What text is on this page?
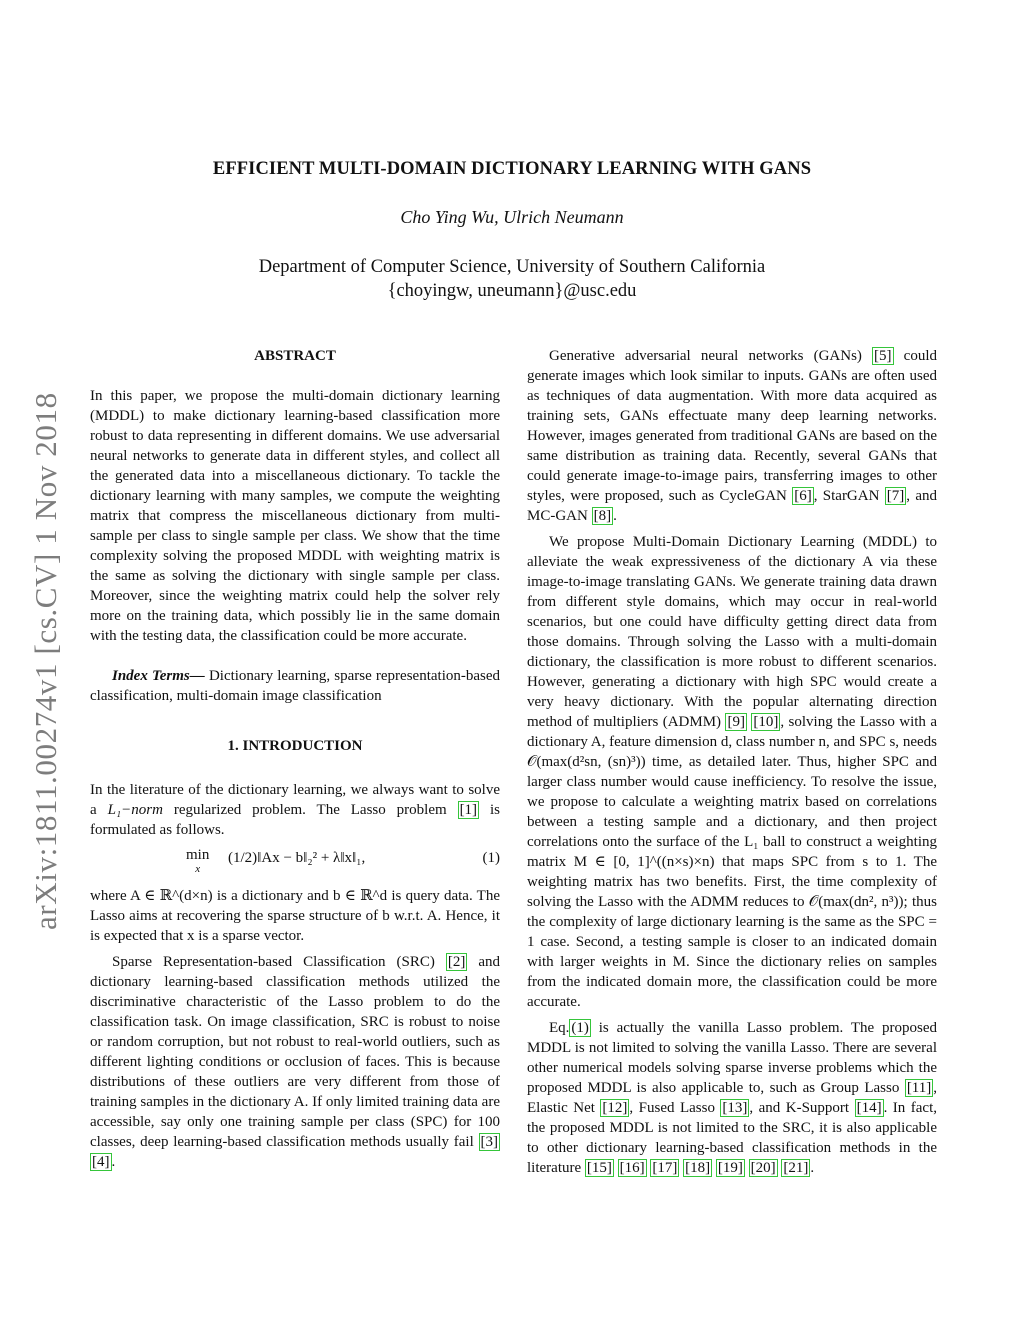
arXiv:1811.00274v1 [cs.CV] 1 Nov 2018
EFFICIENT MULTI-DOMAIN DICTIONARY LEARNING WITH GANS
Cho Ying Wu, Ulrich Neumann
Department of Computer Science, University of Southern California
{choyingw, uneumann}@usc.edu
ABSTRACT

In this paper, we propose the multi-domain dictionary learning (MDDL) to make dictionary learning-based classification more robust to data representing in different domains. We use adversarial neural networks to generate data in different styles, and collect all the generated data into a miscellaneous dictionary. To tackle the dictionary learning with many samples, we compute the weighting matrix that compress the miscellaneous dictionary from multi-sample per class to single sample per class. We show that the time complexity solving the proposed MDDL with weighting matrix is the same as solving the dictionary with single sample per class. Moreover, since the weighting matrix could help the solver rely more on the training data, which possibly lie in the same domain with the testing data, the classification could be more accurate.

Index Terms— Dictionary learning, sparse representation-based classification, multi-domain image classification

1. INTRODUCTION

In the literature of the dictionary learning, we always want to solve a L₁−norm regularized problem. The Lasso problem [1] is formulated as follows.

min
x
(1/2)‖Ax − b‖₂² + λ‖x‖₁,	(1)

where A ∈ ℝ^(d×n) is a dictionary and b ∈ ℝ^d is query data. The Lasso aims at recovering the sparse structure of b w.r.t. A. Hence, it is expected that x is a sparse vector.

Sparse Representation-based Classification (SRC) [2] and dictionary learning-based classification methods utilized the discriminative characteristic of the Lasso problem to do the classification task. On image classification, SRC is robust to noise or random corruption, but not robust to real-world outliers, such as different lighting conditions or occlusion of faces. This is because distributions of these outliers are very different from those of training samples in the dictionary A. If only limited training data are accessible, say only one training sample per class (SPC) for 100 classes, deep learning-based classification methods usually fail [3] [4] .

Generative adversarial neural networks (GANs) [5] could generate images which look similar to inputs. GANs are often used as techniques of data augmentation. With more data acquired as training sets, GANs effectuate many deep learning networks. However, images generated from traditional GANs are based on the same distribution as training data. Recently, several GANs that could generate image-to-image pairs, transferring images to other styles, were proposed, such as CycleGAN [6] , StarGAN [7] , and MC-GAN [8] .

We propose Multi-Domain Dictionary Learning (MDDL) to alleviate the weak expressiveness of the dictionary A via these image-to-image translating GANs. We generate training data drawn from different style domains, which may occur in real-world scenarios, but one could have difficulty getting direct data from those domains. Through solving the Lasso with a multi-domain dictionary, the classification is more robust to different scenarios. However, generating a dictionary with high SPC would create a very heavy dictionary. With the popular alternating direction method of multipliers (ADMM) [9] [10] , solving the Lasso with a dictionary A, feature dimension d, class number n, and SPC s, needs 𝒪(max(d²sn, (sn)³)) time, as detailed later. Thus, higher SPC and larger class number would cause inefficiency. To resolve the issue, we propose to calculate a weighting matrix based on correlations between a testing sample and a dictionary, and then project correlations onto the surface of the L₁ ball to construct a weighting matrix M ∈ [0, 1]^((n×s)×n) that maps SPC from s to 1. The weighting matrix has two benefits. First, the time complexity of solving the Lasso with the ADMM reduces to 𝒪(max(dn², n³)); thus the complexity of large dictionary learning is the same as the SPC = 1 case. Second, a testing sample is closer to an indicated domain with larger weights in M. Since the dictionary relies on samples from the indicated domain more, the classification could be more accurate.

Eq. (1) is actually the vanilla Lasso problem. The proposed MDDL is not limited to solving the vanilla Lasso. There are several other numerical models solving sparse inverse problems which the proposed MDDL is also applicable to, such as Group Lasso [11] , Elastic Net [12] , Fused Lasso [13] , and K-Support [14] . In fact, the proposed MDDL is not limited to the SRC, it is also applicable to other dictionary learning-based classification methods in the literature [15] [16] [17] [18] [19] [20] [21] .
